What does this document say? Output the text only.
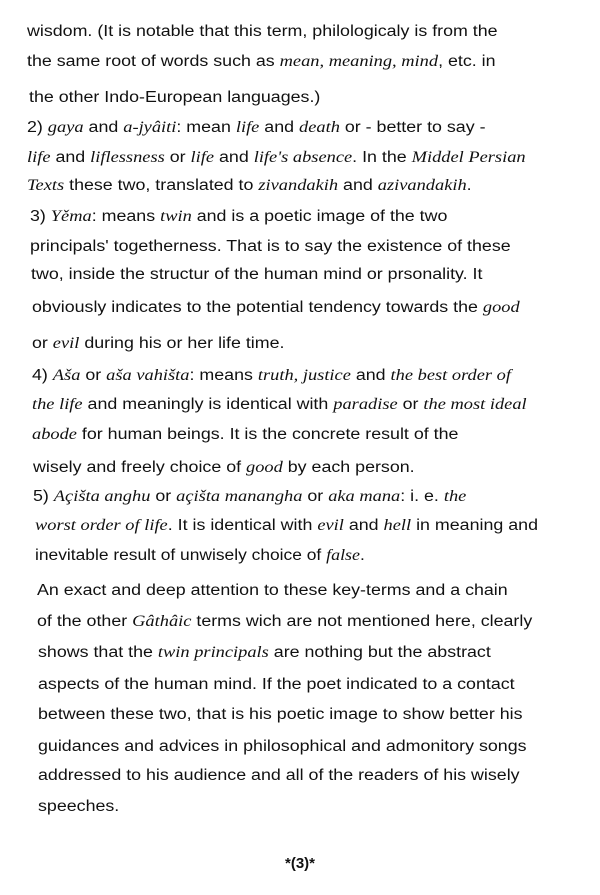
wisdom. (It is notable that this term, philologicaly is from the
the same root of words such as mean, meaning, mind, etc. in
the other Indo-European languages.)
2) gaya and a-jyâiti: mean life and death or - better to say -
life and liflessness or life and life's absence. In the Middel Persian
Texts these two, translated to zivandakih and azivandakih.
3) Yěma: means twin and is a poetic image of the two
principals' togetherness. That is to say the existence of these
two, inside the structur of the human mind or prsonality. It
obviously indicates to the potential tendency towards the good
or evil during his or her life time.
4) Aša or aša vahišta: means truth, justice and the best order of
the life and meaningly is identical with paradise or the most ideal
abode for human beings. It is the concrete result of the
wisely and freely choice of good by each person.
5) Açišta anghu or açišta manangha or aka mana: i. e. the
worst order of life. It is identical with evil and hell in meaning and
inevitable result of unwisely choice of false.
An exact and deep attention to these key-terms and a chain
of the other Gâthâic terms wich are not mentioned here, clearly
shows that the twin principals are nothing but the abstract
aspects of the human mind. If the poet indicated to a contact
between these two, that is his poetic image to show better his
guidances and advices in philosophical and admonitory songs
addressed to his audience and all of the readers of his wisely
speeches.
*(3)*
